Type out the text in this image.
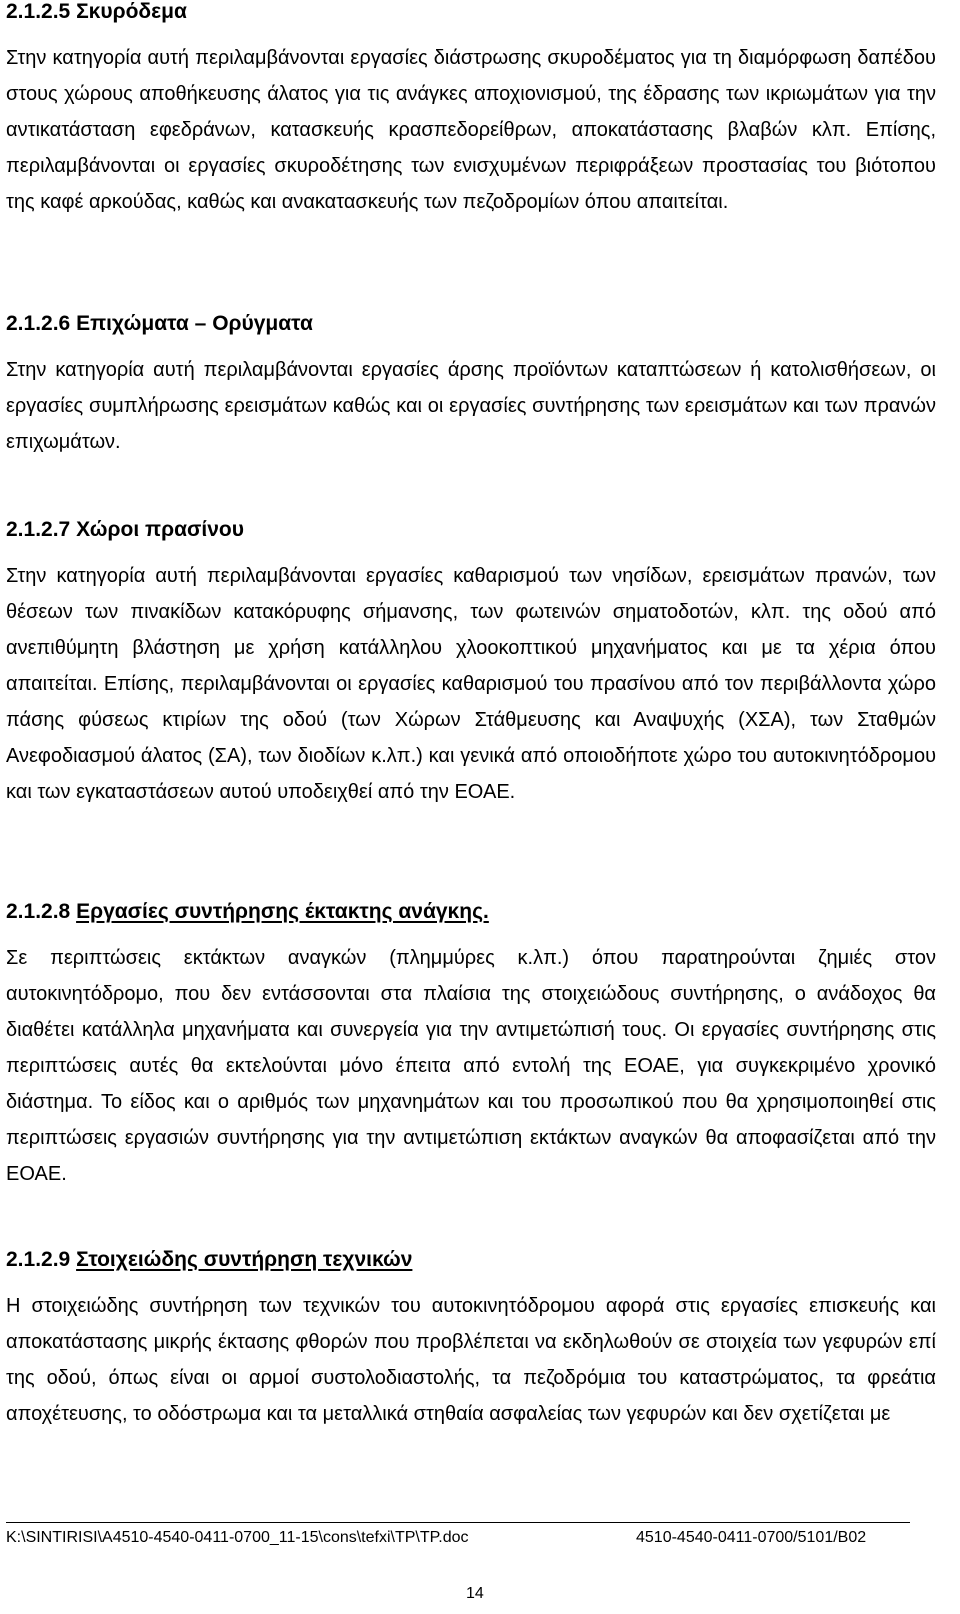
2.1.2.5 Σκυρόδεμα

Στην κατηγορία αυτή περιλαμβάνονται εργασίες διάστρωσης σκυροδέματος για τη διαμόρφωση δαπέδου στους χώρους αποθήκευσης άλατος για τις ανάγκες αποχιονισμού, της έδρασης των ικριωμάτων για την αντικατάσταση εφεδράνων, κατασκευής κρασπεδορείθρων, αποκατάστασης βλαβών κλπ. Επίσης, περιλαμβάνονται οι εργασίες σκυροδέτησης των ενισχυμένων περιφράξεων προστασίας του βιότοπου της καφέ αρκούδας, καθώς και ανακατασκευής των πεζοδρομίων όπου απαιτείται.

2.1.2.6 Επιχώματα – Ορύγματα

Στην κατηγορία αυτή περιλαμβάνονται εργασίες άρσης προϊόντων καταπτώσεων ή κατολισθήσεων, οι εργασίες συμπλήρωσης ερεισμάτων καθώς και οι εργασίες συντήρησης των ερεισμάτων και των πρανών επιχωμάτων.

2.1.2.7 Χώροι πρασίνου

Στην κατηγορία αυτή περιλαμβάνονται εργασίες καθαρισμού των νησίδων, ερεισμάτων πρανών, των θέσεων των πινακίδων κατακόρυφης σήμανσης, των φωτεινών σηματοδοτών, κλπ. της οδού από ανεπιθύμητη βλάστηση με χρήση κατάλληλου χλοοκοπτικού μηχανήματος και με τα χέρια όπου απαιτείται. Επίσης, περιλαμβάνονται οι εργασίες καθαρισμού του πρασίνου από τον περιβάλλοντα χώρο πάσης φύσεως κτιρίων της οδού (των Χώρων Στάθμευσης και Αναψυχής (ΧΣΑ), των Σταθμών Ανεφοδιασμού άλατος (ΣΑ), των διοδίων κ.λπ.) και γενικά από οποιοδήποτε χώρο του αυτοκινητόδρομου και των εγκαταστάσεων αυτού υποδειχθεί από την ΕΟΑΕ.

2.1.2.8 Εργασίες συντήρησης έκτακτης ανάγκης.

Σε περιπτώσεις εκτάκτων αναγκών (πλημμύρες κ.λπ.) όπου παρατηρούνται ζημιές στον αυτοκινητόδρομο, που δεν εντάσσονται στα πλαίσια της στοιχειώδους συντήρησης, ο ανάδοχος θα διαθέτει κατάλληλα μηχανήματα και συνεργεία για την αντιμετώπισή τους. Οι εργασίες συντήρησης στις περιπτώσεις αυτές θα εκτελούνται μόνο έπειτα από εντολή της ΕΟΑΕ, για συγκεκριμένο χρονικό διάστημα. Το είδος και ο αριθμός των μηχανημάτων και του προσωπικού που θα χρησιμοποιηθεί στις περιπτώσεις εργασιών συντήρησης για την αντιμετώπιση εκτάκτων αναγκών θα αποφασίζεται από την ΕΟΑΕ.

2.1.2.9 Στοιχειώδης συντήρηση τεχνικών

Η στοιχειώδης συντήρηση των τεχνικών του αυτοκινητόδρομου αφορά στις εργασίες επισκευής και αποκατάστασης μικρής έκτασης φθορών που προβλέπεται να εκδηλωθούν σε στοιχεία των γεφυρών επί της οδού, όπως είναι οι αρμοί συστολοδιαστολής, τα πεζοδρόμια του καταστρώματος, τα φρεάτια αποχέτευσης, το οδόστρωμα και τα μεταλλικά στηθαία ασφαλείας των γεφυρών και δεν σχετίζεται με

K:\SINTIRISI\A4510-4540-0411-0700_11-15\cons\tefxi\TP\TP.doc	4510-4540-0411-0700/5101/B02
14
